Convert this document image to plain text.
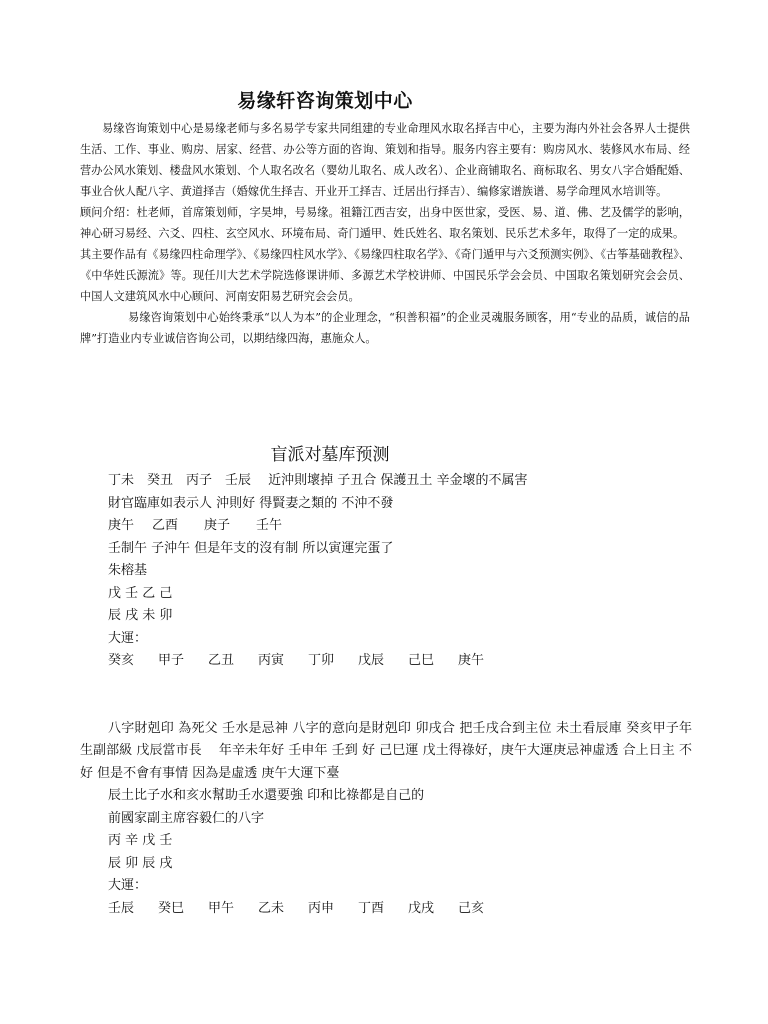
易缘轩咨询策划中心

易缘咨询策划中心是易缘老师与多名易学专家共同组建的专业命理风水取名择吉中心，主要为海内外社会各界人士提供生活、工作、事业、购房、居家、经营、办公等方面的咨询、策划和指导。服务内容主要有：购房风水、装修风水布局、经营办公风水策划、楼盘风水策划、个人取名改名（婴幼儿取名、成人改名）、企业商铺取名、商标取名、男女八字合婚配婚、事业合伙人配八字、黄道择吉（婚嫁优生择吉、开业开工择吉、迁居出行择吉）、编修家谱族谱、易学命理风水培训等。

顾问介绍：杜老师，首席策划师，字昊坤，号易缘。祖籍江西吉安，出身中医世家，受医、易、道、佛、艺及儒学的影响，神心研习易经、六爻、四柱、玄空风水、环境布局、奇门遁甲、姓氏姓名、取名策划、民乐艺术多年，取得了一定的成果。

其主要作品有《易缘四柱命理学》、《易缘四柱风水学》、《易缘四柱取名学》、《奇门遁甲与六爻预测实例》、《古筝基础教程》、《中华姓氏源流》等。现任川大艺术学院选修课讲师、多源艺术学校讲师、中国民乐学会会员、中国取名策划研究会会员、中国人文建筑风水中心顾问、河南安阳易艺研究会会员。

易缘咨询策划中心始终秉承“以人为本”的企业理念，“积善积福”的企业灵魂服务顾客，用“专业的品质，诚信的品牌”打造业内专业诚信咨询公司，以期结缘四海，惠施众人。

盲派对墓库预测

丁未　癸丑　丙子　壬辰　 近沖則壞掉 子丑合 保護丑土 辛金壞的不属害

財官臨庫如表示人 沖則好 得賢妻之類的 不沖不發

庚午	乙酉	庚子	壬午

壬制午 子沖午 但是年支的沒有制 所以寅運完蛋了

朱榕基

戊 壬 乙 己

辰 戌 未 卯

大運：

癸亥	甲子	乙丑	丙寅	丁卯	戊辰	己巳	庚午

八字財剋印 為死父 壬水是忌神 八字的意向是財剋印 卯戌合 把壬戌合到主位 未土看辰庫 癸亥甲子年生副部級 戊辰當市長　 年辛未年好 壬申年 壬到 好 己巳運 戊土得祿好，庚午大運庚忌神虛透 合上日主 不好 但是不會有事情 因為是虛透 庚午大運下臺

辰土比子水和亥水幫助壬水還要強 印和比祿都是自己的

前國家副主席容毅仁的八字

丙 辛 戊 壬

辰 卯 辰 戌

大運：

壬辰	癸巳	甲午	乙未	丙申	丁酉	戊戌	己亥
